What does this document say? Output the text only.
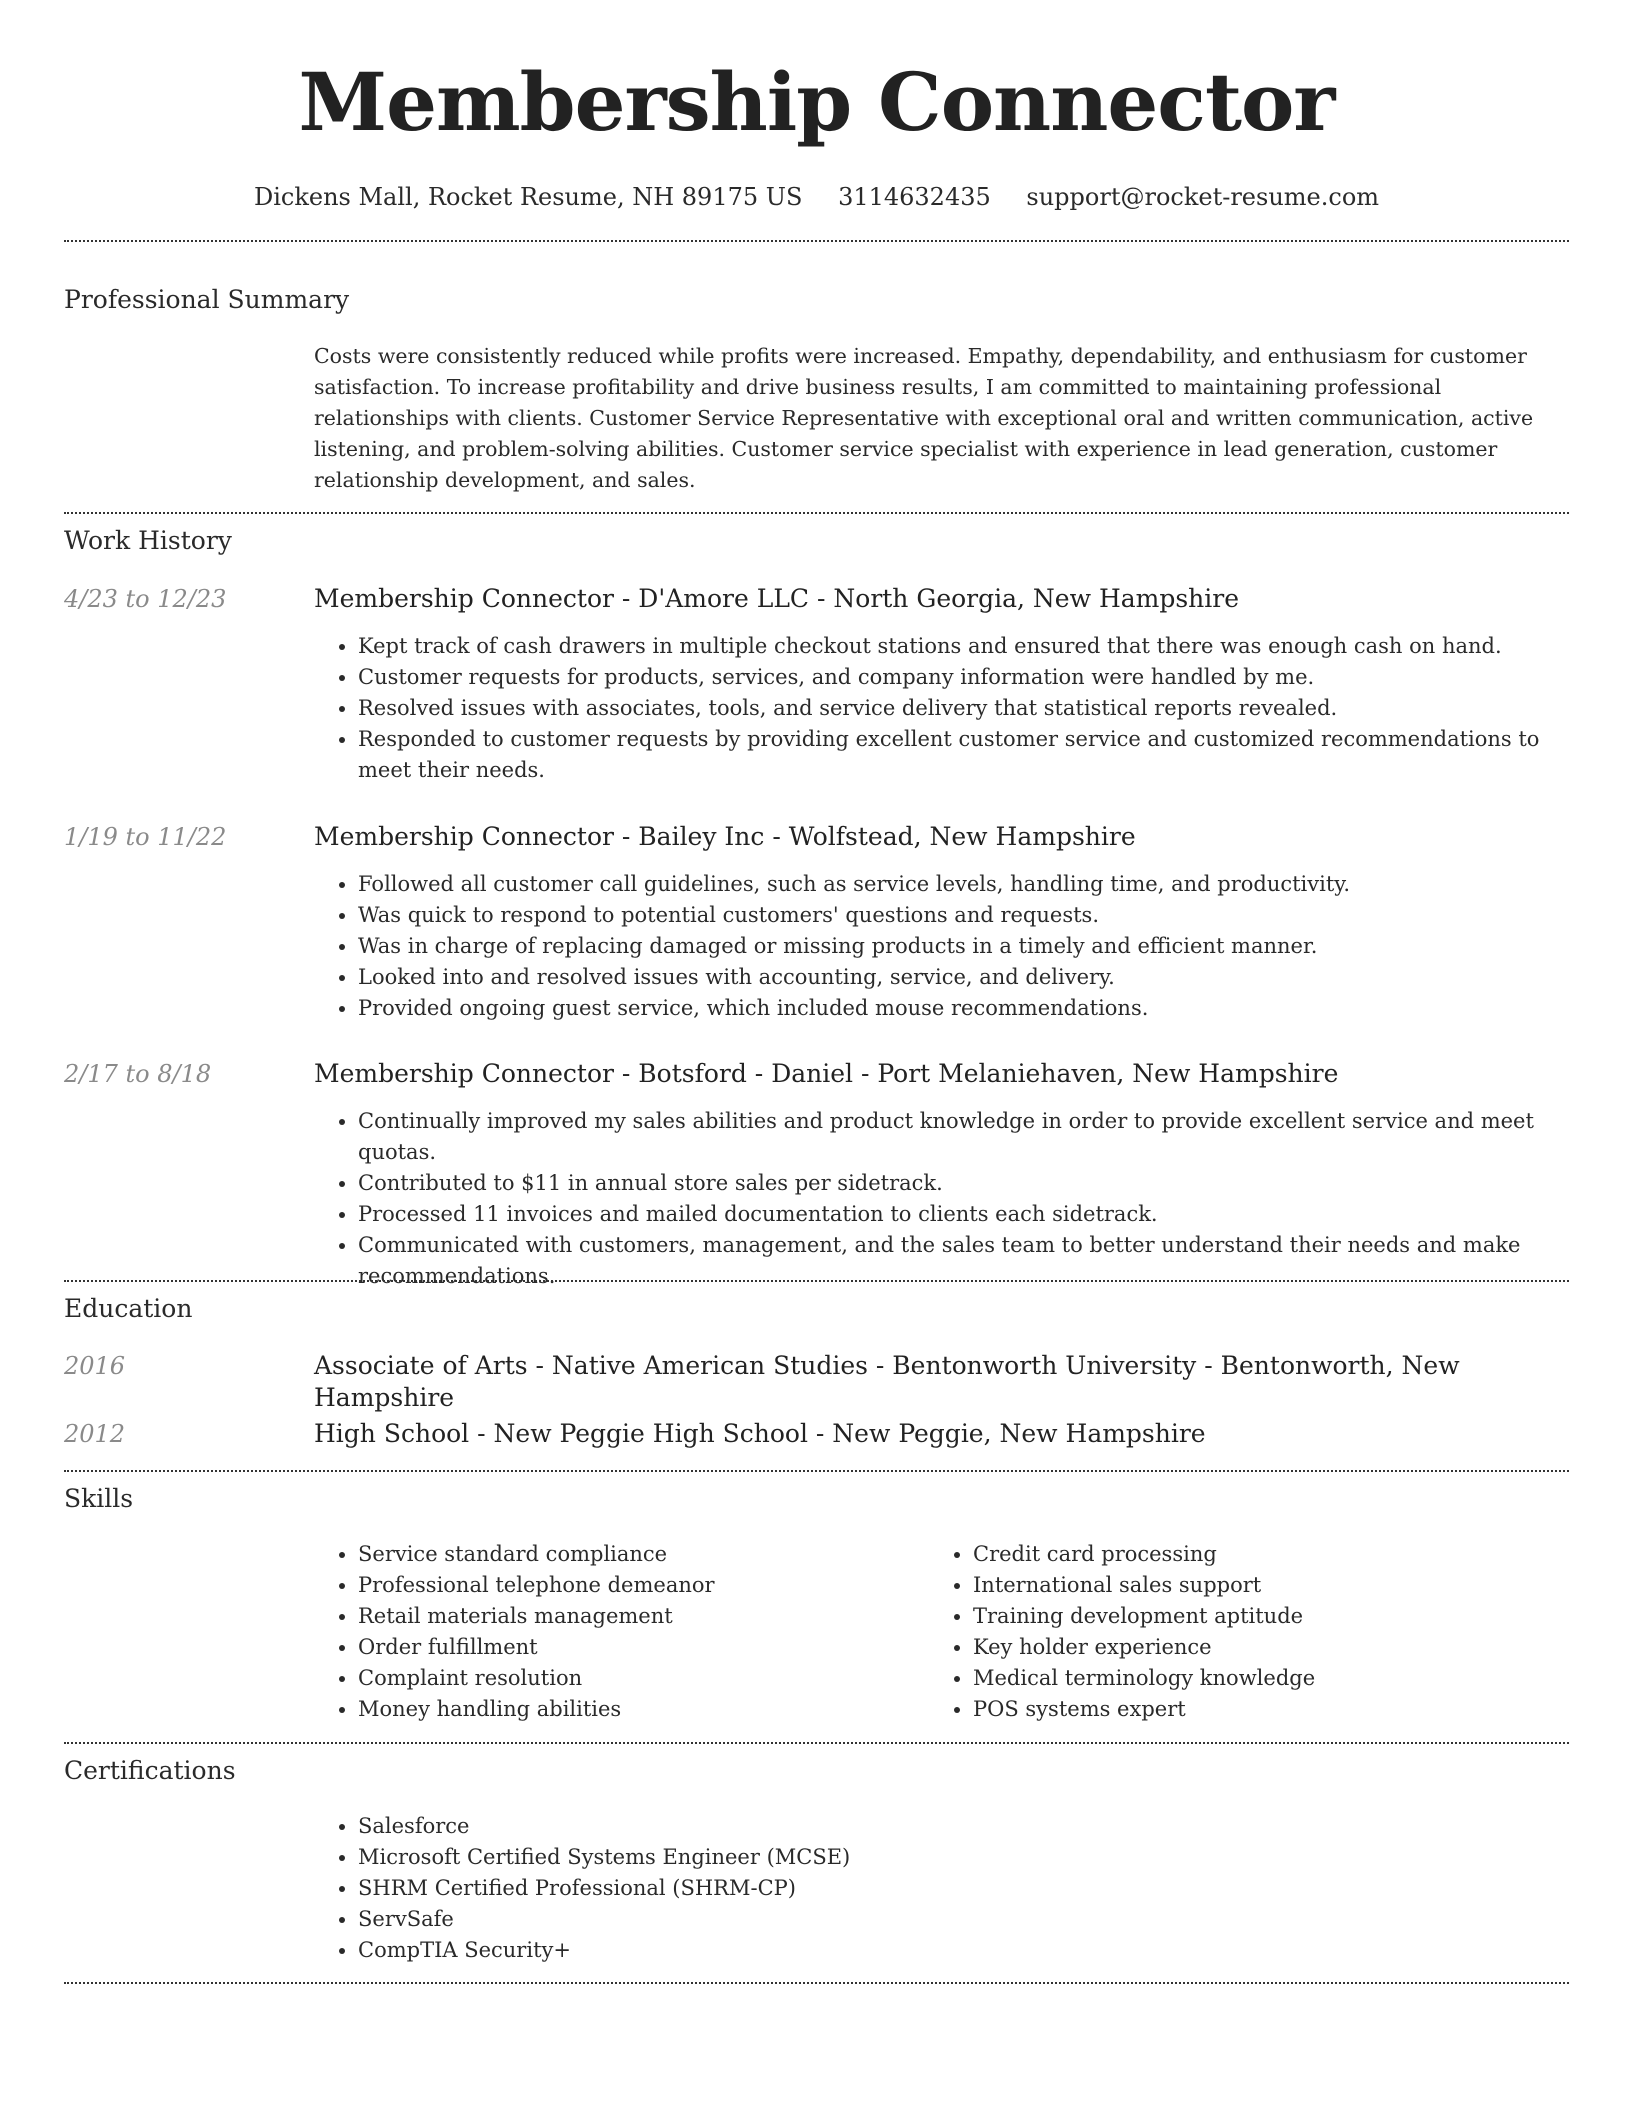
Membership Connector
Dickens Mall, Rocket Resume, NH 89175 US 3114632435 support@rocket-resume.com
Professional Summary
Costs were consistently reduced while profits were increased. Empathy, dependability, and enthusiasm for customer satisfaction. To increase profitability and drive business results, I am committed to maintaining professional relationships with clients. Customer Service Representative with exceptional oral and written communication, active listening, and problem-solving abilities. Customer service specialist with experience in lead generation, customer relationship development, and sales.
Work History
4/23 to 12/23	Membership Connector - D'Amore LLC - North Georgia, New Hampshire
• Kept track of cash drawers in multiple checkout stations and ensured that there was enough cash on hand.
• Customer requests for products, services, and company information were handled by me.
• Resolved issues with associates, tools, and service delivery that statistical reports revealed.
• Responded to customer requests by providing excellent customer service and customized recommendations to meet their needs.
1/19 to 11/22	Membership Connector - Bailey Inc - Wolfstead, New Hampshire
• Followed all customer call guidelines, such as service levels, handling time, and productivity.
• Was quick to respond to potential customers' questions and requests.
• Was in charge of replacing damaged or missing products in a timely and efficient manner.
• Looked into and resolved issues with accounting, service, and delivery.
• Provided ongoing guest service, which included mouse recommendations.
2/17 to 8/18	Membership Connector - Botsford - Daniel - Port Melaniehaven, New Hampshire
• Continually improved my sales abilities and product knowledge in order to provide excellent service and meet quotas.
• Contributed to $11 in annual store sales per sidetrack.
• Processed 11 invoices and mailed documentation to clients each sidetrack.
• Communicated with customers, management, and the sales team to better understand their needs and make recommendations.
Education
2016	Associate of Arts - Native American Studies - Bentonworth University - Bentonworth, New Hampshire
2012	High School - New Peggie High School - New Peggie, New Hampshire
Skills
• Service standard compliance
• Professional telephone demeanor
• Retail materials management
• Order fulfillment
• Complaint resolution
• Money handling abilities
• Credit card processing
• International sales support
• Training development aptitude
• Key holder experience
• Medical terminology knowledge
• POS systems expert
Certifications
• Salesforce
• Microsoft Certified Systems Engineer (MCSE)
• SHRM Certified Professional (SHRM-CP)
• ServSafe
• CompTIA Security+
